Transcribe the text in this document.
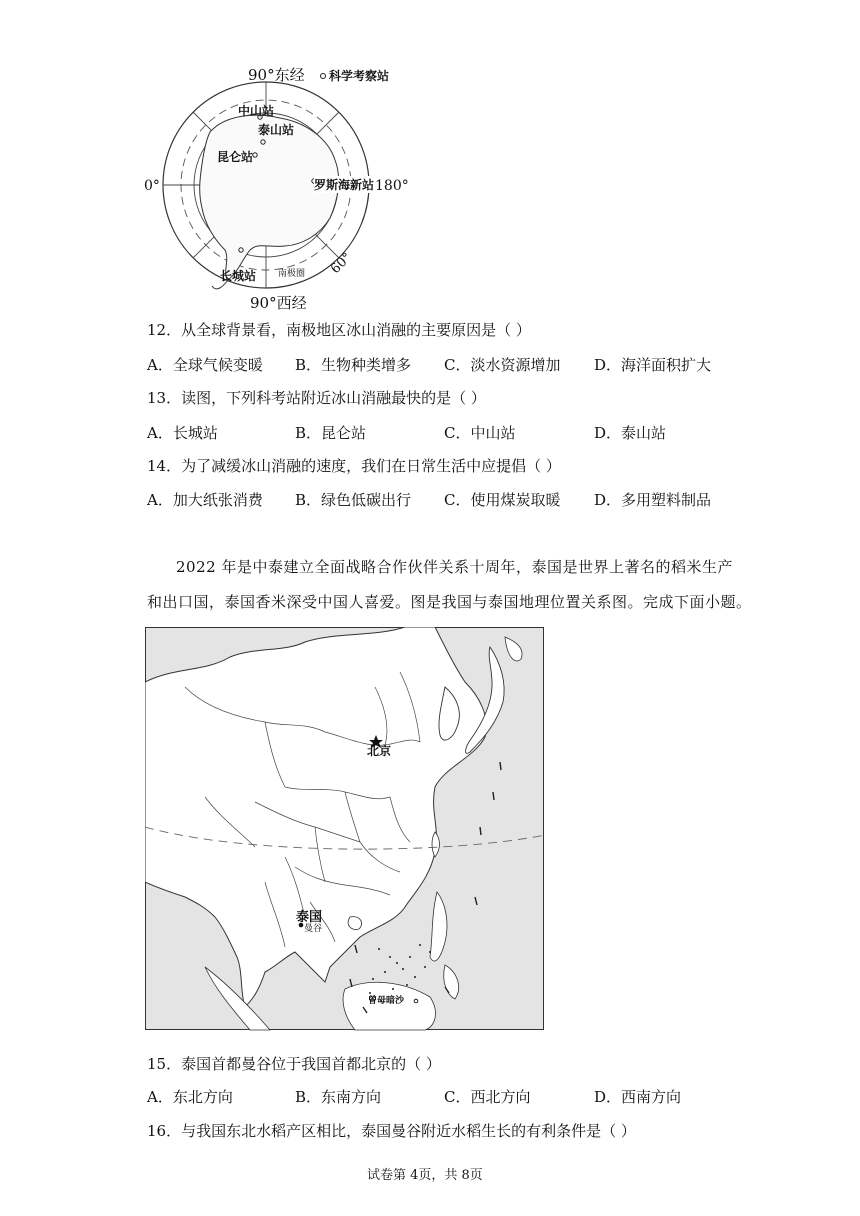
90°东经 科学考察站
0°	180°
90°西经
60°
南极圈
中山站
泰山站
昆仑站
罗斯海新站
长城站
12．从全球背景看，南极地区冰山消融的主要原因是（ ）
A．全球气候变暖 B．生物种类增多 C．淡水资源增加 D．海洋面积扩大
13．读图，下列科考站附近冰山消融最快的是（ ）
A．长城站	B．昆仑站	C．中山站	D．泰山站
14．为了减缓冰山消融的速度，我们在日常生活中应提倡（ ）
A．加大纸张消费 B．绿色低碳出行 C．使用煤炭取暖 D．多用塑料制品
2022 年是中泰建立全面战略合作伙伴关系十周年，泰国是世界上著名的稻米生产
和出口国，泰国香米深受中国人喜爱。图是我国与泰国地理位置关系图。完成下面小题。
北京
泰国
曼谷
曾母暗沙
15．泰国首都曼谷位于我国首都北京的（ ）
A．东北方向	B．东南方向	C．西北方向	D．西南方向
16．与我国东北水稻产区相比，泰国曼谷附近水稻生长的有利条件是（ ）
试卷第 4页，共 8页
